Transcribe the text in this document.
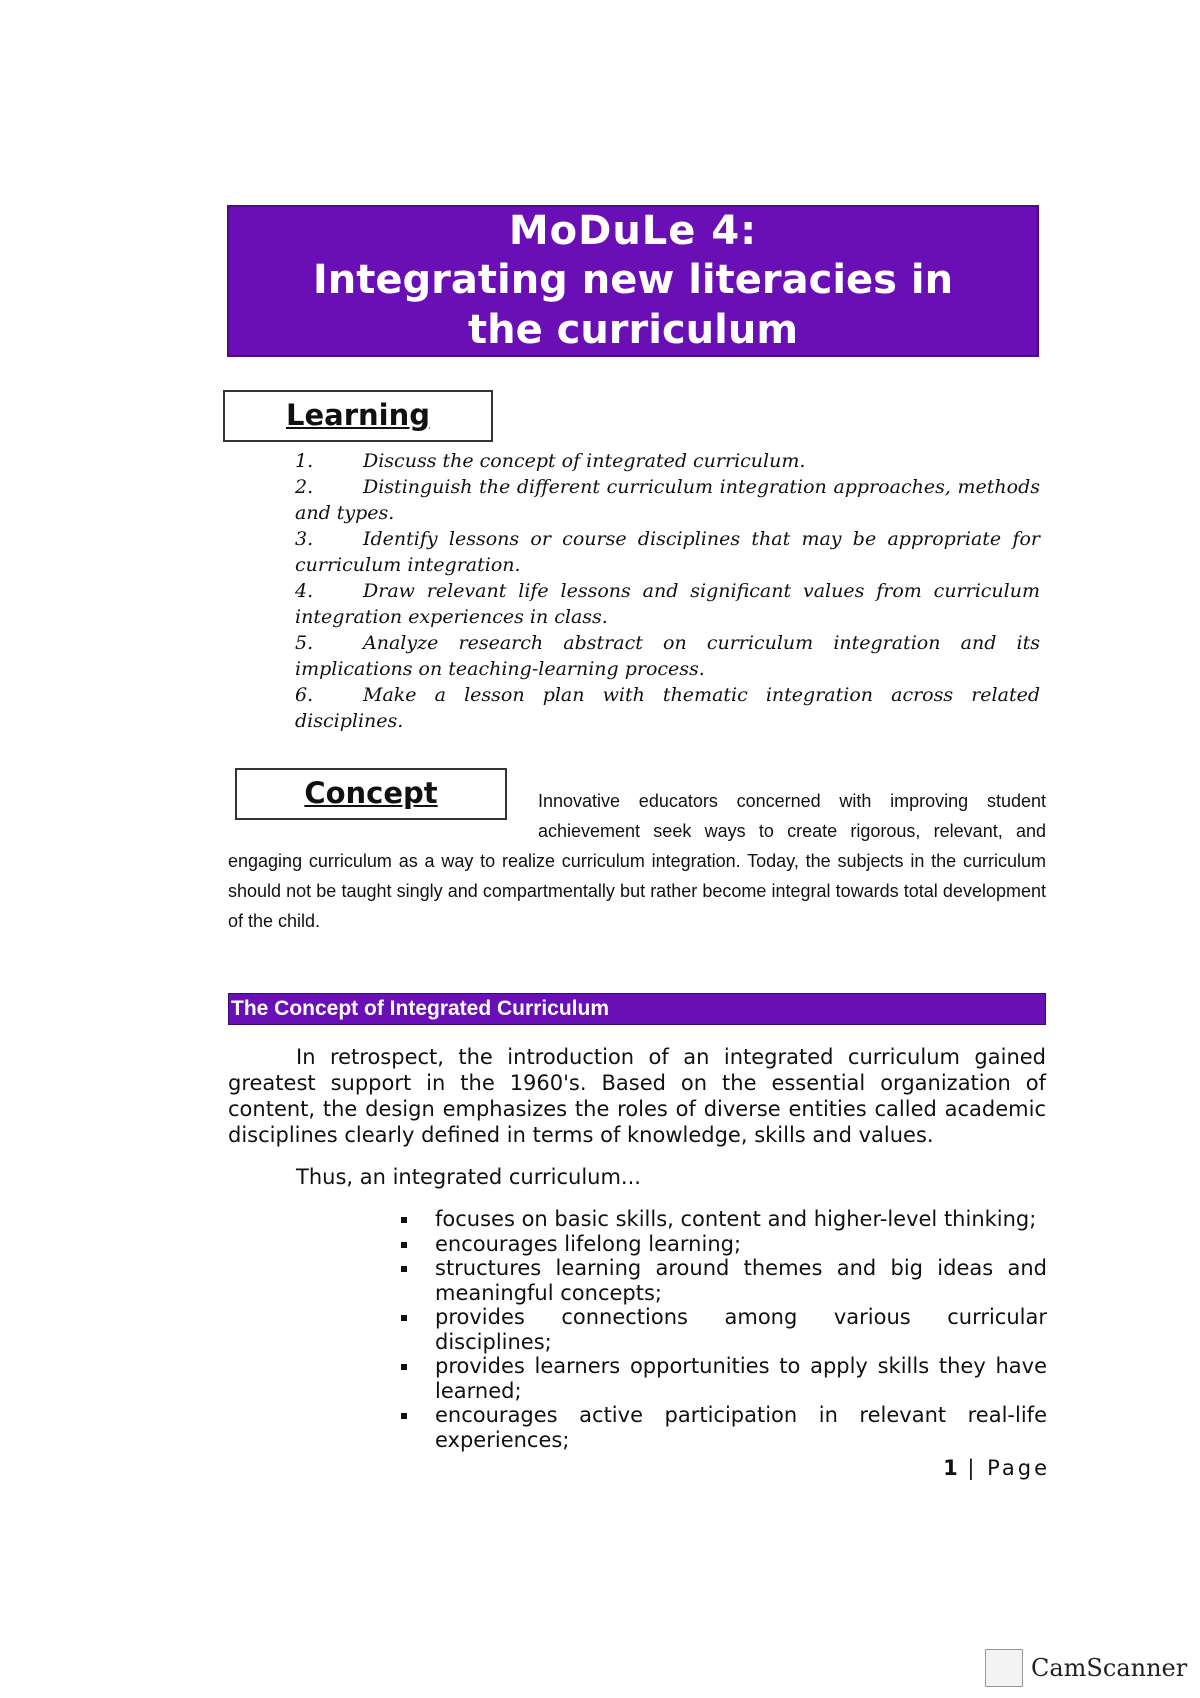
MoDuLe 4:
Integrating new literacies in
the curriculum
Learning
1.	Discuss the concept of integrated curriculum.
2.	Distinguish the different curriculum integration approaches, methods and types.
3.	Identify lessons or course disciplines that may be appropriate for curriculum integration.
4.	Draw relevant life lessons and significant values from curriculum integration experiences in class.
5.	Analyze research abstract on curriculum integration and its implications on teaching-learning process.
6.	Make a lesson plan with thematic integration across related disciplines.
Concept	Innovative educators concerned with improving student achievement seek ways to create rigorous, relevant, and engaging curriculum as a way to realize curriculum integration. Today, the subjects in the curriculum should not be taught singly and compartmentally but rather become integral towards total development of the child.

The Concept of Integrated Curriculum

In retrospect, the introduction of an integrated curriculum gained greatest support in the 1960's. Based on the essential organization of content, the design emphasizes the roles of diverse entities called academic disciplines clearly defined in terms of knowledge, skills and values.

Thus, an integrated curriculum...

focuses on basic skills, content and higher-level thinking;
encourages lifelong learning;
structures learning around themes and big ideas and meaningful concepts;
provides connections among various curricular disciplines;
provides learners opportunities to apply skills they have learned;
encourages active participation in relevant real-life experiences;
1 | Page
CamScanner
